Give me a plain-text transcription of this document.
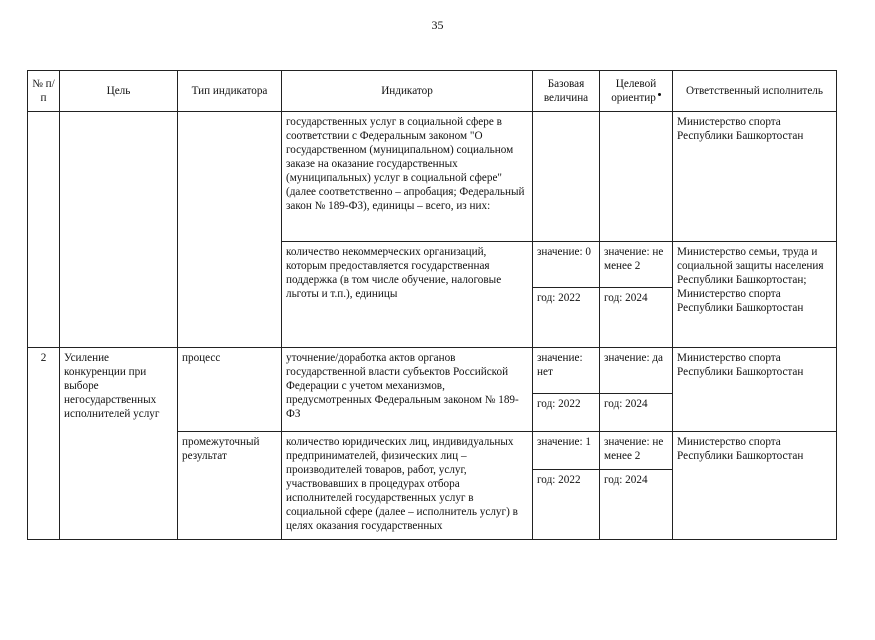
35
№ п/п	Цель	Тип индикатора	Индикатор	Базовая величина	Целевой ориентир	Ответственный исполнитель
			государственных услуг в социальной сфере в соответствии с Федеральным законом "О государственном (муниципальном) социальном заказе на оказание государственных (муниципальных) услуг в социальной сфере" (далее соответственно – апробация; Федеральный закон № 189-ФЗ), единицы – всего, из них:			Министерство спорта Республики Башкортостан
			количество некоммерческих организаций, которым предоставляется государственная поддержка (в том числе обучение, налоговые льготы и т.п.), единицы	значение: 0	значение: не менее 2	Министерство семьи, труда и социальной защиты населения Республики Башкортостан; Министерство спорта Республики Башкортостан
				год: 2022	год: 2024	
2	Усиление конкуренции при выборе негосударственных исполнителей услуг	процесс	уточнение/доработка актов органов государственной власти субъектов Российской Федерации с учетом механизмов, предусмотренных Федеральным законом № 189-ФЗ	значение: нет	значение: да	Министерство спорта Республики Башкортостан
				год: 2022	год: 2024	
		промежуточный результат	количество юридических лиц, индивидуальных предпринимателей, физических лиц – производителей товаров, работ, услуг, участвовавших в процедурах отбора исполнителей государственных услуг в социальной сфере (далее – исполнитель услуг) в целях оказания государственных	значение: 1	значение: не менее 2	Министерство спорта Республики Башкортостан
				год: 2022	год: 2024	
